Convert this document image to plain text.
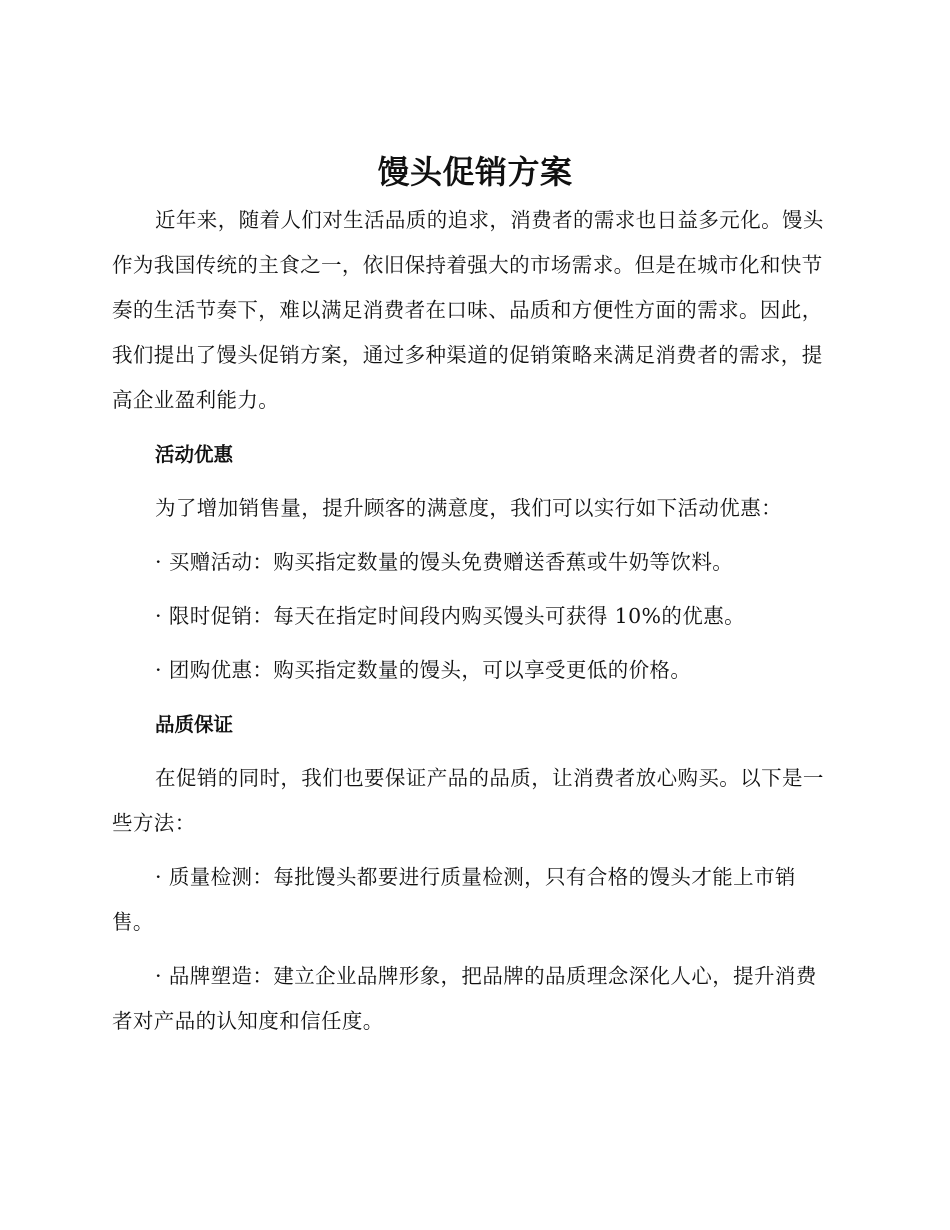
馒头促销方案

近年来，随着人们对生活品质的追求，消费者的需求也日益多元化。馒头作为我国传统的主食之一，依旧保持着强大的市场需求。但是在城市化和快节奏的生活节奏下，难以满足消费者在口味、品质和方便性方面的需求。因此，我们提出了馒头促销方案，通过多种渠道的促销策略来满足消费者的需求，提高企业盈利能力。

活动优惠

为了增加销售量，提升顾客的满意度，我们可以实行如下活动优惠：

· 买赠活动：购买指定数量的馒头免费赠送香蕉或牛奶等饮料。

· 限时促销：每天在指定时间段内购买馒头可获得 10%的优惠。

· 团购优惠：购买指定数量的馒头，可以享受更低的价格。

品质保证

在促销的同时，我们也要保证产品的品质，让消费者放心购买。以下是一些方法：

· 质量检测：每批馒头都要进行质量检测，只有合格的馒头才能上市销售。

· 品牌塑造：建立企业品牌形象，把品牌的品质理念深化人心，提升消费者对产品的认知度和信任度。
